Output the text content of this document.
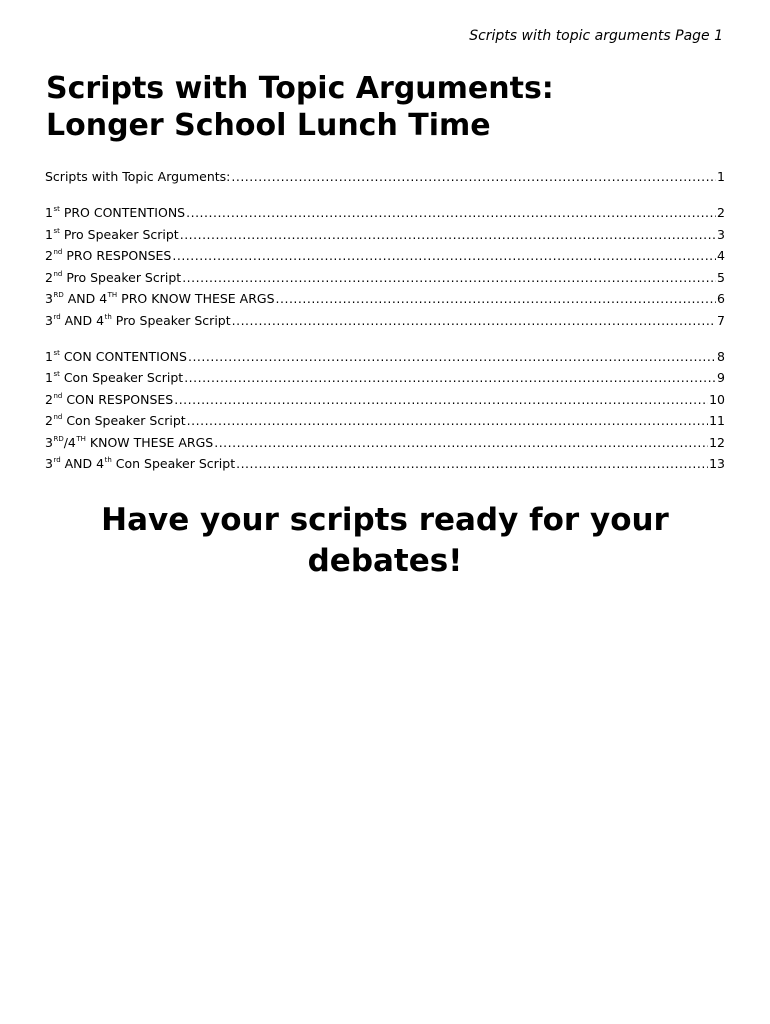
Scripts with topic arguments Page 1
Scripts with Topic Arguments:
Longer School Lunch Time
Scripts with Topic Arguments: .....	1
1st PRO CONTENTIONS .....	2
1st Pro Speaker Script .....	3
2nd PRO RESPONSES .....	4
2nd Pro Speaker Script .....	5
3RD AND 4TH PRO KNOW THESE ARGS .....	6
3rd AND 4th Pro Speaker Script .....	7
1st CON CONTENTIONS .....	8
1st Con Speaker Script .....	9
2nd CON RESPONSES .....	10
2nd Con Speaker Script .....	11
3RD/4TH KNOW THESE ARGS .....	12
3rd AND 4th Con Speaker Script .....	13
Have your scripts ready for your
debates!
